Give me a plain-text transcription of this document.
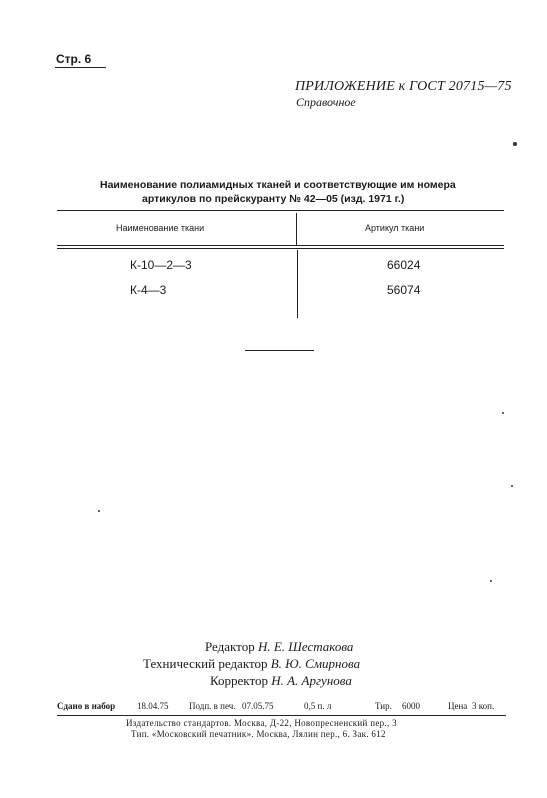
Стр. 6
ПРИЛОЖЕНИЕ к ГОСТ 20715—75
Справочное
Наименование полиамидных тканей и соответствующие им номера
артикулов по прейскуранту № 42—05 (изд. 1971 г.)
Наименование ткани	Артикул ткани
К-10—2—3	66024
К-4—3	56074
Редактор Н. Е. Шестакова
Технический редактор В. Ю. Смирнова
Корректор Н. А. Аргунова
Сдано в набор 18.04.75 Подп. в печ. 07.05.75	0,5 п. л	Тир. 6000	Цена 3 коп.
Издательство стандартов. Москва, Д-22, Новопресненский пер., 3
Тип. «Московский печатник». Москва, Лялин пер., 6. Зак. 612
